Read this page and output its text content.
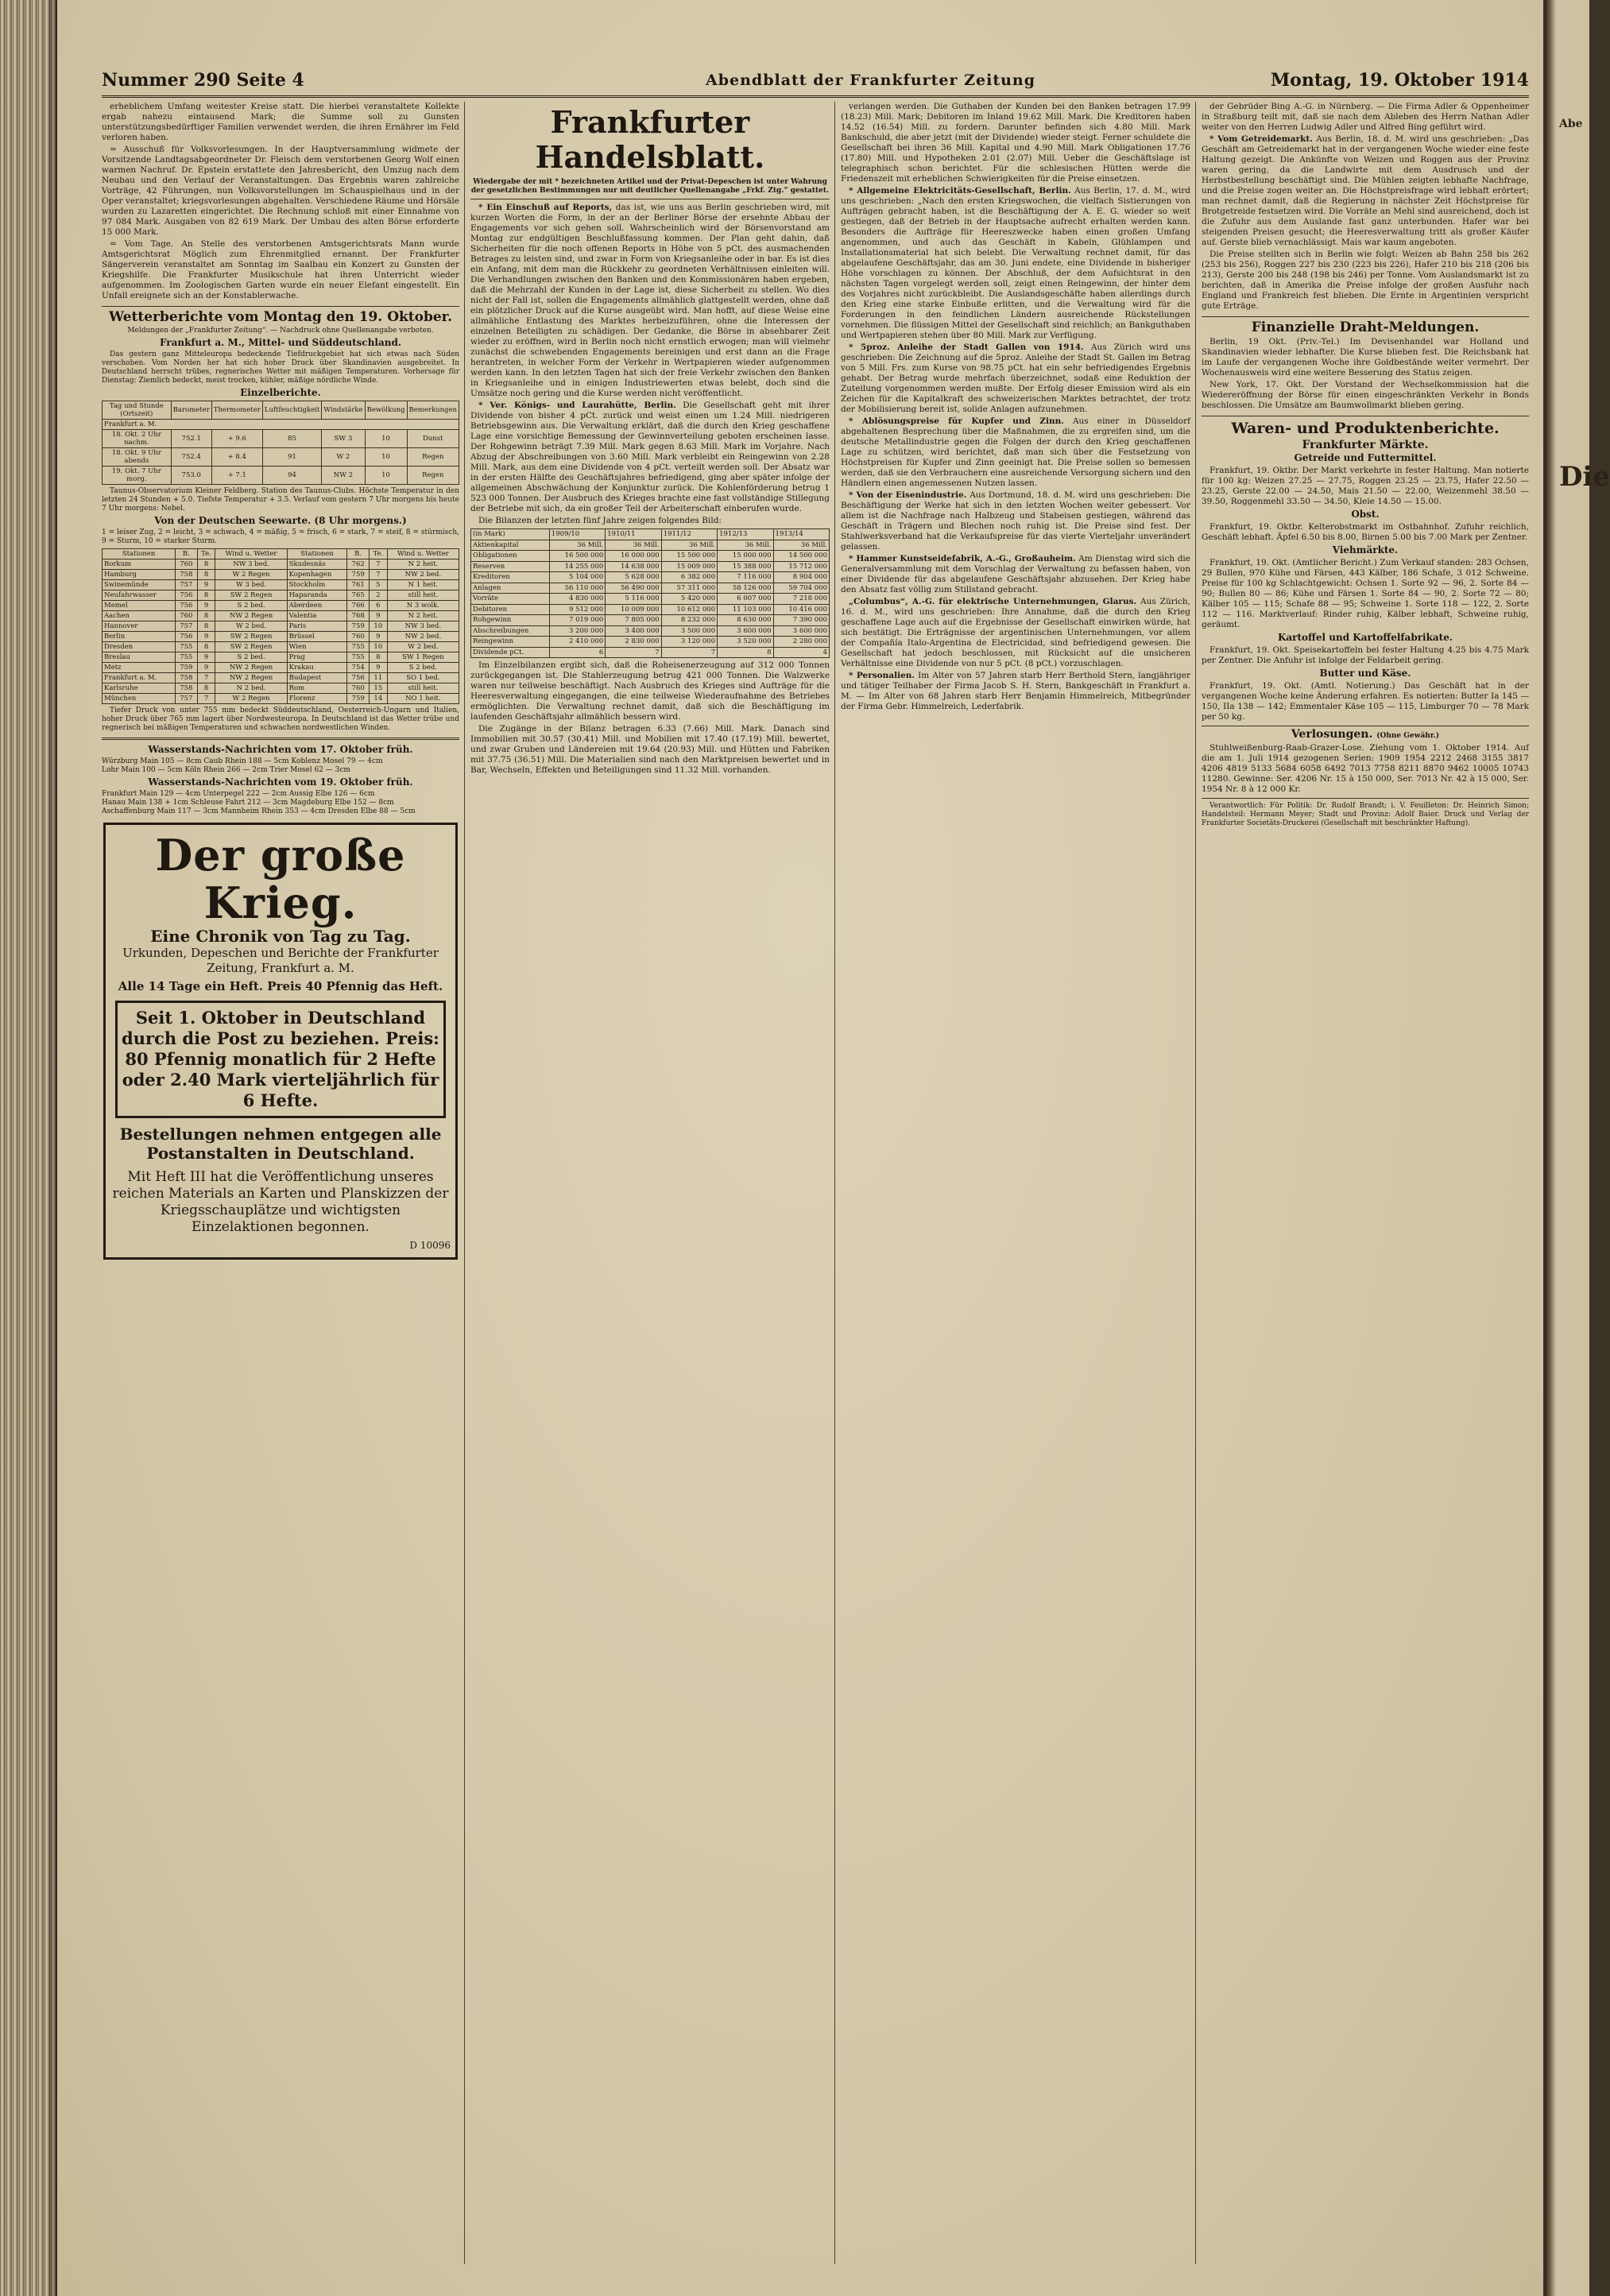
Nummer 290 Seite 4	Abendblatt der Frankfurter Zeitung	Montag, 19. Oktober 1914

erheblichem Umfang weitester Kreise statt. Die hierbei veranstaltete Kollekte ergab nahezu eintausend Mark; die Summe soll zu Gunsten unterstützungsbedürftiger Familien verwendet werden, die ihren Ernährer im Feld verloren haben.

= Ausschuß für Volksvorlesungen. In der Hauptversammlung widmete der Vorsitzende Landtagsabgeordneter Dr. Fleisch dem verstorbenen Georg Wolf einen warmen Nachruf. Dr. Epstein erstattete den Jahresbericht, den Umzug nach dem Neubau und den Verlauf der Veranstaltungen. Das Ergebnis waren zahlreiche Vorträge, 42 Führungen, nun Volksvorstellungen im Schauspielhaus und in der Oper veranstaltet; kriegsvorlesungen abgehalten. Verschiedene Räume und Hörsäle wurden zu Lazaretten eingerichtet. Die Rechnung schloß mit einer Einnahme von 97 084 Mark. Ausgaben von 82 619 Mark. Der Umbau des alten Börse erforderte 15 000 Mark.

= Vom Tage. An Stelle des verstorbenen Amtsgerichtsrats Mann wurde Amtsgerichtsrat Möglich zum Ehrenmitglied ernannt. Der Frankfurter Sängerverein veranstaltet am Sonntag im Saalbau ein Konzert zu Gunsten der Kriegshilfe. Die Frankfurter Musikschule hat ihren Unterricht wieder aufgenommen. Im Zoologischen Garten wurde ein neuer Elefant eingestellt. Ein Unfall ereignete sich an der Konstablerwache.

Wetterberichte vom Montag den 19. Oktober.
Meldungen der „Frankfurter Zeitung“. — Nachdruck ohne Quellenangabe verboten.
Frankfurt a. M., Mittel- und Süddeutschland.

Das gestern ganz Mitteleuropa bedeckende Tiefdruckgebiet hat sich etwas nach Süden verschoben. Vom Norden her hat sich hoher Druck über Skandinavien ausgebreitet. In Deutschland herrscht trübes, regnerisches Wetter mit mäßigen Temperaturen. Vorhersage für Dienstag: Ziemlich bedeckt, meist trocken, kühler, mäßige nördliche Winde.

Einzelberichte.
Tag und Stunde (Ortszeit)	Barometer	Thermometer	Luftfeuchtigkeit	Windstärke	Bewölkung	Bemerkungen
Frankfurt a. M.						
18. Okt. 2 Uhr nachm.	752.1	+ 9.6	85	SW 3	10	Dunst
18. Okt. 9 Uhr abends	752.4	+ 8.4	91	W 2	10	Regen
19. Okt. 7 Uhr morg.	753.0	+ 7.1	94	NW 2	10	Regen

Taunus-Observatorium Kleiner Feldberg. Station des Taunus-Clubs. Höchste Temperatur in den letzten 24 Stunden + 5.0. Tiefste Temperatur + 3.5. Verlauf vom gestern 7 Uhr morgens bis heute 7 Uhr morgens: Nebel.

Von der Deutschen Seewarte. (8 Uhr morgens.)
1 = leiser Zug, 2 = leicht, 3 = schwach, 4 = mäßig, 5 = frisch, 6 = stark, 7 = steif, 8 = stürmisch, 9 = Sturm, 10 = starker Sturm.
Stationen	B.	Te.	Wind u. Wetter	Stationen	B.	Te.	Wind u. Wetter
Borkum	760	8	NW 3 bed.	Skudesnäs	762	7	N 2 heit.
Hamburg	758	8	W 2 Regen	Kopenhagen	759	7	NW 2 bed.
Swinemünde	757	9	W 3 bed.	Stockholm	761	5	N 1 heit.
Neufahrwasser	756	8	SW 2 Regen	Haparanda	765	2	still heit.
Memel	756	9	S 2 bed.	Aberdeen	766	6	N 3 wolk.
Aachen	760	8	NW 2 Regen	Valentia	768	9	N 2 heit.
Hannover	757	8	W 2 bed.	Paris	759	10	NW 3 bed.
Berlin	756	9	SW 2 Regen	Brüssel	760	9	NW 2 bed.
Dresden	755	8	SW 2 Regen	Wien	755	10	W 2 bed.
Breslau	755	9	S 2 bed.	Prag	755	8	SW 1 Regen
Metz	759	9	NW 2 Regen	Krakau	754	9	S 2 bed.
Frankfurt a. M.	758	7	NW 2 Regen	Budapest	756	11	SO 1 bed.
Karlsruhe	758	8	N 2 bed.	Rom	760	15	still heit.
München	757	7	W 2 Regen	Florenz	759	14	NO 1 heit.

Tiefer Druck von unter 755 mm bedeckt Süddeutschland, Oesterreich-Ungarn und Italien, hoher Druck über 765 mm lagert über Nordwesteuropa. In Deutschland ist das Wetter trübe und regnerisch bei mäßigen Temperaturen und schwachen nordwestlichen Winden.

Wasserstands-Nachrichten vom 17. Oktober früh.
Würzburg Main 105 — 8cm Caub Rhein 188 — 5cm Koblenz Mosel 79 — 4cm
Lohr Main 100 — 5cm Köln Rhein 266 — 2cm Trier Mosel 62 — 3cm
Wasserstands-Nachrichten vom 19. Oktober früh.
Frankfurt Main 129 — 4cm Unterpegel 222 — 2cm Aussig Elbe 126 — 6cm
Hanau Main 138 + 1cm Schleuse Fahrt 212 — 3cm Magdeburg Elbe 152 — 8cm
Aschaffenburg Main 117 — 3cm Mannheim Rhein 353 — 4cm Dresden Elbe 88 — 5cm
Der große Krieg.
Eine Chronik von Tag zu Tag.
Urkunden, Depeschen und Berichte der Frankfurter Zeitung, Frankfurt a. M.
Alle 14 Tage ein Heft. Preis 40 Pfennig das Heft.
Seit 1. Oktober in Deutschland durch die Post zu beziehen. Preis: 80 Pfennig monatlich für 2 Hefte oder 2.40 Mark vierteljährlich für 6 Hefte.
Bestellungen nehmen entgegen alle Postanstalten in Deutschland.
Mit Heft III hat die Veröffentlichung unseres reichen Materials an Karten und Planskizzen der Kriegsschauplätze und wichtigsten Einzelaktionen begonnen.
D 10096
Frankfurter Handelsblatt.
Wiedergabe der mit * bezeichneten Artikel und der Privat-Depeschen ist unter Wahrung der gesetzlichen Bestimmungen nur mit deutlicher Quellenangabe „Frkf. Ztg.“ gestattet.

* Ein Einschuß auf Reports, das ist, wie uns aus Berlin geschrieben wird, mit kurzen Worten die Form, in der an der Berliner Börse der ersehnte Abbau der Engagements vor sich gehen soll. Wahrscheinlich wird der Börsenvorstand am Montag zur endgültigen Beschlußfassung kommen. Der Plan geht dahin, daß Sicherheiten für die noch offenen Reports in Höhe von 5 pCt. des ausmachenden Betrages zu leisten sind, und zwar in Form von Kriegsanleihe oder in bar. Es ist dies ein Anfang, mit dem man die Rückkehr zu geordneten Verhältnissen einleiten will. Die Verhandlungen zwischen den Banken und den Kommissionären haben ergeben, daß die Mehrzahl der Kunden in der Lage ist, diese Sicherheit zu stellen. Wo dies nicht der Fall ist, sollen die Engagements allmählich glattgestellt werden, ohne daß ein plötzlicher Druck auf die Kurse ausgeübt wird. Man hofft, auf diese Weise eine allmähliche Entlastung des Marktes herbeizuführen, ohne die Interessen der einzelnen Beteiligten zu schädigen. Der Gedanke, die Börse in absehbarer Zeit wieder zu eröffnen, wird in Berlin noch nicht ernstlich erwogen; man will vielmehr zunächst die schwebenden Engagements bereinigen und erst dann an die Frage herantreten, in welcher Form der Verkehr in Wertpapieren wieder aufgenommen werden kann. In den letzten Tagen hat sich der freie Verkehr zwischen den Banken in Kriegsanleihe und in einigen Industriewerten etwas belebt, doch sind die Umsätze noch gering und die Kurse werden nicht veröffentlicht.

* Ver. Königs- und Laurahütte, Berlin. Die Gesellschaft geht mit ihrer Dividende von bisher 4 pCt. zurück und weist einen um 1.24 Mill. niedrigeren Betriebsgewinn aus. Die Verwaltung erklärt, daß die durch den Krieg geschaffene Lage eine vorsichtige Bemessung der Gewinnverteilung geboten erscheinen lasse. Der Rohgewinn beträgt 7.39 Mill. Mark gegen 8.63 Mill. Mark im Vorjahre. Nach Abzug der Abschreibungen von 3.60 Mill. Mark verbleibt ein Reingewinn von 2.28 Mill. Mark, aus dem eine Dividende von 4 pCt. verteilt werden soll. Der Absatz war in der ersten Hälfte des Geschäftsjahres befriedigend, ging aber später infolge der allgemeinen Abschwächung der Konjunktur zurück. Die Kohlenförderung betrug 1 523 000 Tonnen. Der Ausbruch des Krieges brachte eine fast vollständige Stillegung der Betriebe mit sich, da ein großer Teil der Arbeiterschaft einberufen wurde.

Die Bilanzen der letzten fünf Jahre zeigen folgendes Bild:

(in Mark)	1909/10	1910/11	1911/12	1912/13	1913/14
Aktienkapital	36 Mill.	36 Mill.	36 Mill.	36 Mill.	36 Mill.
Obligationen	16 500 000	16 000 000	15 500 000	15 000 000	14 500 000
Reserven	14 255 000	14 638 000	15 009 000	15 388 000	15 712 000
Kreditoren	5 104 000	5 628 000	6 382 000	7 116 000	8 904 000
Anlagen	56 110 000	56 490 000	57 311 000	58 126 000	59 704 000
Vorräte	4 830 000	5 116 000	5 420 000	6 007 000	7 218 000
Debitoren	9 512 000	10 009 000	10 612 000	11 103 000	10 416 000
Rohgewinn	7 019 000	7 805 000	8 232 000	8 630 000	7 390 000
Abschreibungen	3 200 000	3 400 000	3 500 000	3 600 000	3 600 000
Reingewinn	2 410 000	2 830 000	3 120 000	3 520 000	2 280 000
Dividende pCt.	6	7	7	8	4

Im Einzelbilanzen ergibt sich, daß die Roheisenerzeugung auf 312 000 Tonnen zurückgegangen ist. Die Stahlerzeugung betrug 421 000 Tonnen. Die Walzwerke waren nur teilweise beschäftigt. Nach Ausbruch des Krieges sind Aufträge für die Heeresverwaltung eingegangen, die eine teilweise Wiederaufnahme des Betriebes ermöglichten. Die Verwaltung rechnet damit, daß sich die Beschäftigung im laufenden Geschäftsjahr allmählich bessern wird.

Die Zugänge in der Bilanz betragen 6.33 (7.66) Mill. Mark. Danach sind Immobilien mit 30.57 (30.41) Mill. und Mobilien mit 17.40 (17.19) Mill. bewertet, und zwar Gruben und Ländereien mit 19.64 (20.93) Mill. und Hütten und Fabriken mit 37.75 (36.51) Mill. Die Materialien sind nach den Marktpreisen bewertet und in Bar, Wechseln, Effekten und Beteiligungen sind 11.32 Mill. vorhanden.

verlangen werden. Die Guthaben der Kunden bei den Banken betragen 17.99 (18.23) Mill. Mark; Debitoren im Inland 19.62 Mill. Mark. Die Kreditoren haben 14.52 (16.54) Mill. zu fordern. Darunter befinden sich 4.80 Mill. Mark Bankschuld, die aber jetzt (mit der Dividende) wieder steigt. Ferner schuldete die Gesellschaft bei ihren 36 Mill. Kapital und 4.90 Mill. Mark Obligationen 17.76 (17.80) Mill. und Hypotheken 2.01 (2.07) Mill. Ueber die Geschäftslage ist telegraphisch schon berichtet. Für die schlesischen Hütten werde die Friedenszeit mit erheblichen Schwierigkeiten für die Preise einsetzen.

* Allgemeine Elektricitäts-Gesellschaft, Berlin. Aus Berlin, 17. d. M., wird uns geschrieben: „Nach den ersten Kriegswochen, die vielfach Sistierungen von Aufträgen gebracht haben, ist die Beschäftigung der A. E. G. wieder so weit gestiegen, daß der Betrieb in der Hauptsache aufrecht erhalten werden kann. Besonders die Aufträge für Heereszwecke haben einen großen Umfang angenommen, und auch das Geschäft in Kabeln, Glühlampen und Installationsmaterial hat sich belebt. Die Verwaltung rechnet damit, für das abgelaufene Geschäftsjahr, das am 30. Juni endete, eine Dividende in bisheriger Höhe vorschlagen zu können. Der Abschluß, der dem Aufsichtsrat in den nächsten Tagen vorgelegt werden soll, zeigt einen Reingewinn, der hinter dem des Vorjahres nicht zurückbleibt. Die Auslandsgeschäfte haben allerdings durch den Krieg eine starke Einbuße erlitten, und die Verwaltung wird für die Forderungen in den feindlichen Ländern ausreichende Rückstellungen vornehmen. Die flüssigen Mittel der Gesellschaft sind reichlich; an Bankguthaben und Wertpapieren stehen über 80 Mill. Mark zur Verfügung.

* 5proz. Anleihe der Stadt Gallen von 1914. Aus Zürich wird uns geschrieben: Die Zeichnung auf die 5proz. Anleihe der Stadt St. Gallen im Betrag von 5 Mill. Frs. zum Kurse von 98.75 pCt. hat ein sehr befriedigendes Ergebnis gehabt. Der Betrag wurde mehrfach überzeichnet, sodaß eine Reduktion der Zuteilung vorgenommen werden mußte. Der Erfolg dieser Emission wird als ein Zeichen für die Kapitalkraft des schweizerischen Marktes betrachtet, der trotz der Mobilisierung bereit ist, solide Anlagen aufzunehmen.

* Ablösungspreise für Kupfer und Zinn. Aus einer in Düsseldorf abgehaltenen Besprechung über die Maßnahmen, die zu ergreifen sind, um die deutsche Metallindustrie gegen die Folgen der durch den Krieg geschaffenen Lage zu schützen, wird berichtet, daß man sich über die Festsetzung von Höchstpreisen für Kupfer und Zinn geeinigt hat. Die Preise sollen so bemessen werden, daß sie den Verbrauchern eine ausreichende Versorgung sichern und den Händlern einen angemessenen Nutzen lassen.

* Von der Eisenindustrie. Aus Dortmund, 18. d. M. wird uns geschrieben: Die Beschäftigung der Werke hat sich in den letzten Wochen weiter gebessert. Vor allem ist die Nachfrage nach Halbzeug und Stabeisen gestiegen, während das Geschäft in Trägern und Blechen noch ruhig ist. Die Preise sind fest. Der Stahlwerksverband hat die Verkaufspreise für das vierte Vierteljahr unverändert gelassen.

* Hammer Kunstseidefabrik, A.-G., Großauheim. Am Dienstag wird sich die Generalversammlung mit dem Vorschlag der Verwaltung zu befassen haben, von einer Dividende für das abgelaufene Geschäftsjahr abzusehen. Der Krieg habe den Absatz fast völlig zum Stillstand gebracht.

„Columbus“, A.-G. für elektrische Unternehmungen, Glarus. Aus Zürich, 16. d. M., wird uns geschrieben: Ihre Annahme, daß die durch den Krieg geschaffene Lage auch auf die Ergebnisse der Gesellschaft einwirken würde, hat sich bestätigt. Die Erträgnisse der argentinischen Unternehmungen, vor allem der Compañía Italo-Argentina de Electricidad, sind befriedigend gewesen. Die Gesellschaft hat jedoch beschlossen, mit Rücksicht auf die unsicheren Verhältnisse eine Dividende von nur 5 pCt. (8 pCt.) vorzuschlagen.

* Personalien. Im Alter von 57 Jahren starb Herr Berthold Stern, langjähriger und tätiger Teilhaber der Firma Jacob S. H. Stern, Bankgeschäft in Frankfurt a. M. — Im Alter von 68 Jahren starb Herr Benjamin Himmelreich, Mitbegründer der Firma Gebr. Himmelreich, Lederfabrik.

der Gebrüder Bing A.-G. in Nürnberg. — Die Firma Adler & Oppenheimer in Straßburg teilt mit, daß sie nach dem Ableben des Herrn Nathan Adler weiter von den Herren Ludwig Adler und Alfred Bing geführt wird.

* Vom Getreidemarkt. Aus Berlin, 18. d. M. wird uns geschrieben: „Das Geschäft am Getreidemarkt hat in der vergangenen Woche wieder eine feste Haltung gezeigt. Die Ankünfte von Weizen und Roggen aus der Provinz waren gering, da die Landwirte mit dem Ausdrusch und der Herbstbestellung beschäftigt sind. Die Mühlen zeigten lebhafte Nachfrage, und die Preise zogen weiter an. Die Höchstpreisfrage wird lebhaft erörtert; man rechnet damit, daß die Regierung in nächster Zeit Höchstpreise für Brotgetreide festsetzen wird. Die Vorräte an Mehl sind ausreichend, doch ist die Zufuhr aus dem Auslande fast ganz unterbunden. Hafer war bei steigenden Preisen gesucht; die Heeresverwaltung tritt als großer Käufer auf. Gerste blieb vernachlässigt. Mais war kaum angeboten.

Die Preise stellten sich in Berlin wie folgt: Weizen ab Bahn 258 bis 262 (253 bis 256), Roggen 227 bis 230 (223 bis 226), Hafer 210 bis 218 (206 bis 213), Gerste 200 bis 248 (198 bis 246) per Tonne. Vom Auslandsmarkt ist zu berichten, daß in Amerika die Preise infolge der großen Ausfuhr nach England und Frankreich fest blieben. Die Ernte in Argentinien verspricht gute Erträge.

Finanzielle Draht-Meldungen.

Berlin, 19 Okt. (Priv.-Tel.) Im Devisenhandel war Holland und Skandinavien wieder lebhafter. Die Kurse blieben fest. Die Reichsbank hat im Laufe der vergangenen Woche ihre Goldbestände weiter vermehrt. Der Wochenausweis wird eine weitere Besserung des Status zeigen.

New York, 17. Okt. Der Vorstand der Wechselkommission hat die Wiedereröffnung der Börse für einen eingeschränkten Verkehr in Bonds beschlossen. Die Umsätze am Baumwollmarkt blieben gering.

Waren- und Produktenberichte.
Frankfurter Märkte.
Getreide und Futtermittel.

Frankfurt, 19. Oktbr. Der Markt verkehrte in fester Haltung. Man notierte für 100 kg: Weizen 27.25 — 27.75, Roggen 23.25 — 23.75, Hafer 22.50 — 23.25, Gerste 22.00 — 24.50, Mais 21.50 — 22.00, Weizenmehl 38.50 — 39.50, Roggenmehl 33.50 — 34.50, Kleie 14.50 — 15.00.

Obst.

Frankfurt, 19. Oktbr. Kelterobstmarkt im Ostbahnhof. Zufuhr reichlich, Geschäft lebhaft. Äpfel 6.50 bis 8.00, Birnen 5.00 bis 7.00 Mark per Zentner.

Viehmärkte.

Frankfurt, 19. Okt. (Amtlicher Bericht.) Zum Verkauf standen: 283 Ochsen, 29 Bullen, 970 Kühe und Färsen, 443 Kälber, 186 Schafe, 3 012 Schweine. Preise für 100 kg Schlachtgewicht: Ochsen 1. Sorte 92 — 96, 2. Sorte 84 — 90; Bullen 80 — 86; Kühe und Färsen 1. Sorte 84 — 90, 2. Sorte 72 — 80; Kälber 105 — 115; Schafe 88 — 95; Schweine 1. Sorte 118 — 122, 2. Sorte 112 — 116. Marktverlauf: Rinder ruhig, Kälber lebhaft, Schweine ruhig, geräumt.

Kartoffel und Kartoffelfabrikate.

Frankfurt, 19. Okt. Speisekartoffeln bei fester Haltung 4.25 bis 4.75 Mark per Zentner. Die Anfuhr ist infolge der Feldarbeit gering.

Butter und Käse.

Frankfurt, 19. Okt. (Amtl. Notierung.) Das Geschäft hat in der vergangenen Woche keine Änderung erfahren. Es notierten: Butter Ia 145 — 150, IIa 138 — 142; Emmentaler Käse 105 — 115, Limburger 70 — 78 Mark per 50 kg.

Verlosungen. (Ohne Gewähr.)

Stuhlweißenburg-Raab-Grazer-Lose. Ziehung vom 1. Oktober 1914. Auf die am 1. Juli 1914 gezogenen Serien: 1909 1954 2212 2468 3155 3817 4206 4819 5133 5684 6058 6492 7013 7758 8211 8870 9462 10005 10743 11280. Gewinne: Ser. 4206 Nr. 15 à 150 000, Ser. 7013 Nr. 42 à 15 000, Ser. 1954 Nr. 8 à 12 000 Kr.

Verantwortlich: Für Politik: Dr. Rudolf Brandt; i. V. Feuilleton: Dr. Heinrich Simon; Handelsteil: Hermann Meyer; Stadt und Provinz: Adolf Baier. Druck und Verlag der Frankfurter Societäts-Druckerei (Gesellschaft mit beschränkter Haftung).

Abe
Die
